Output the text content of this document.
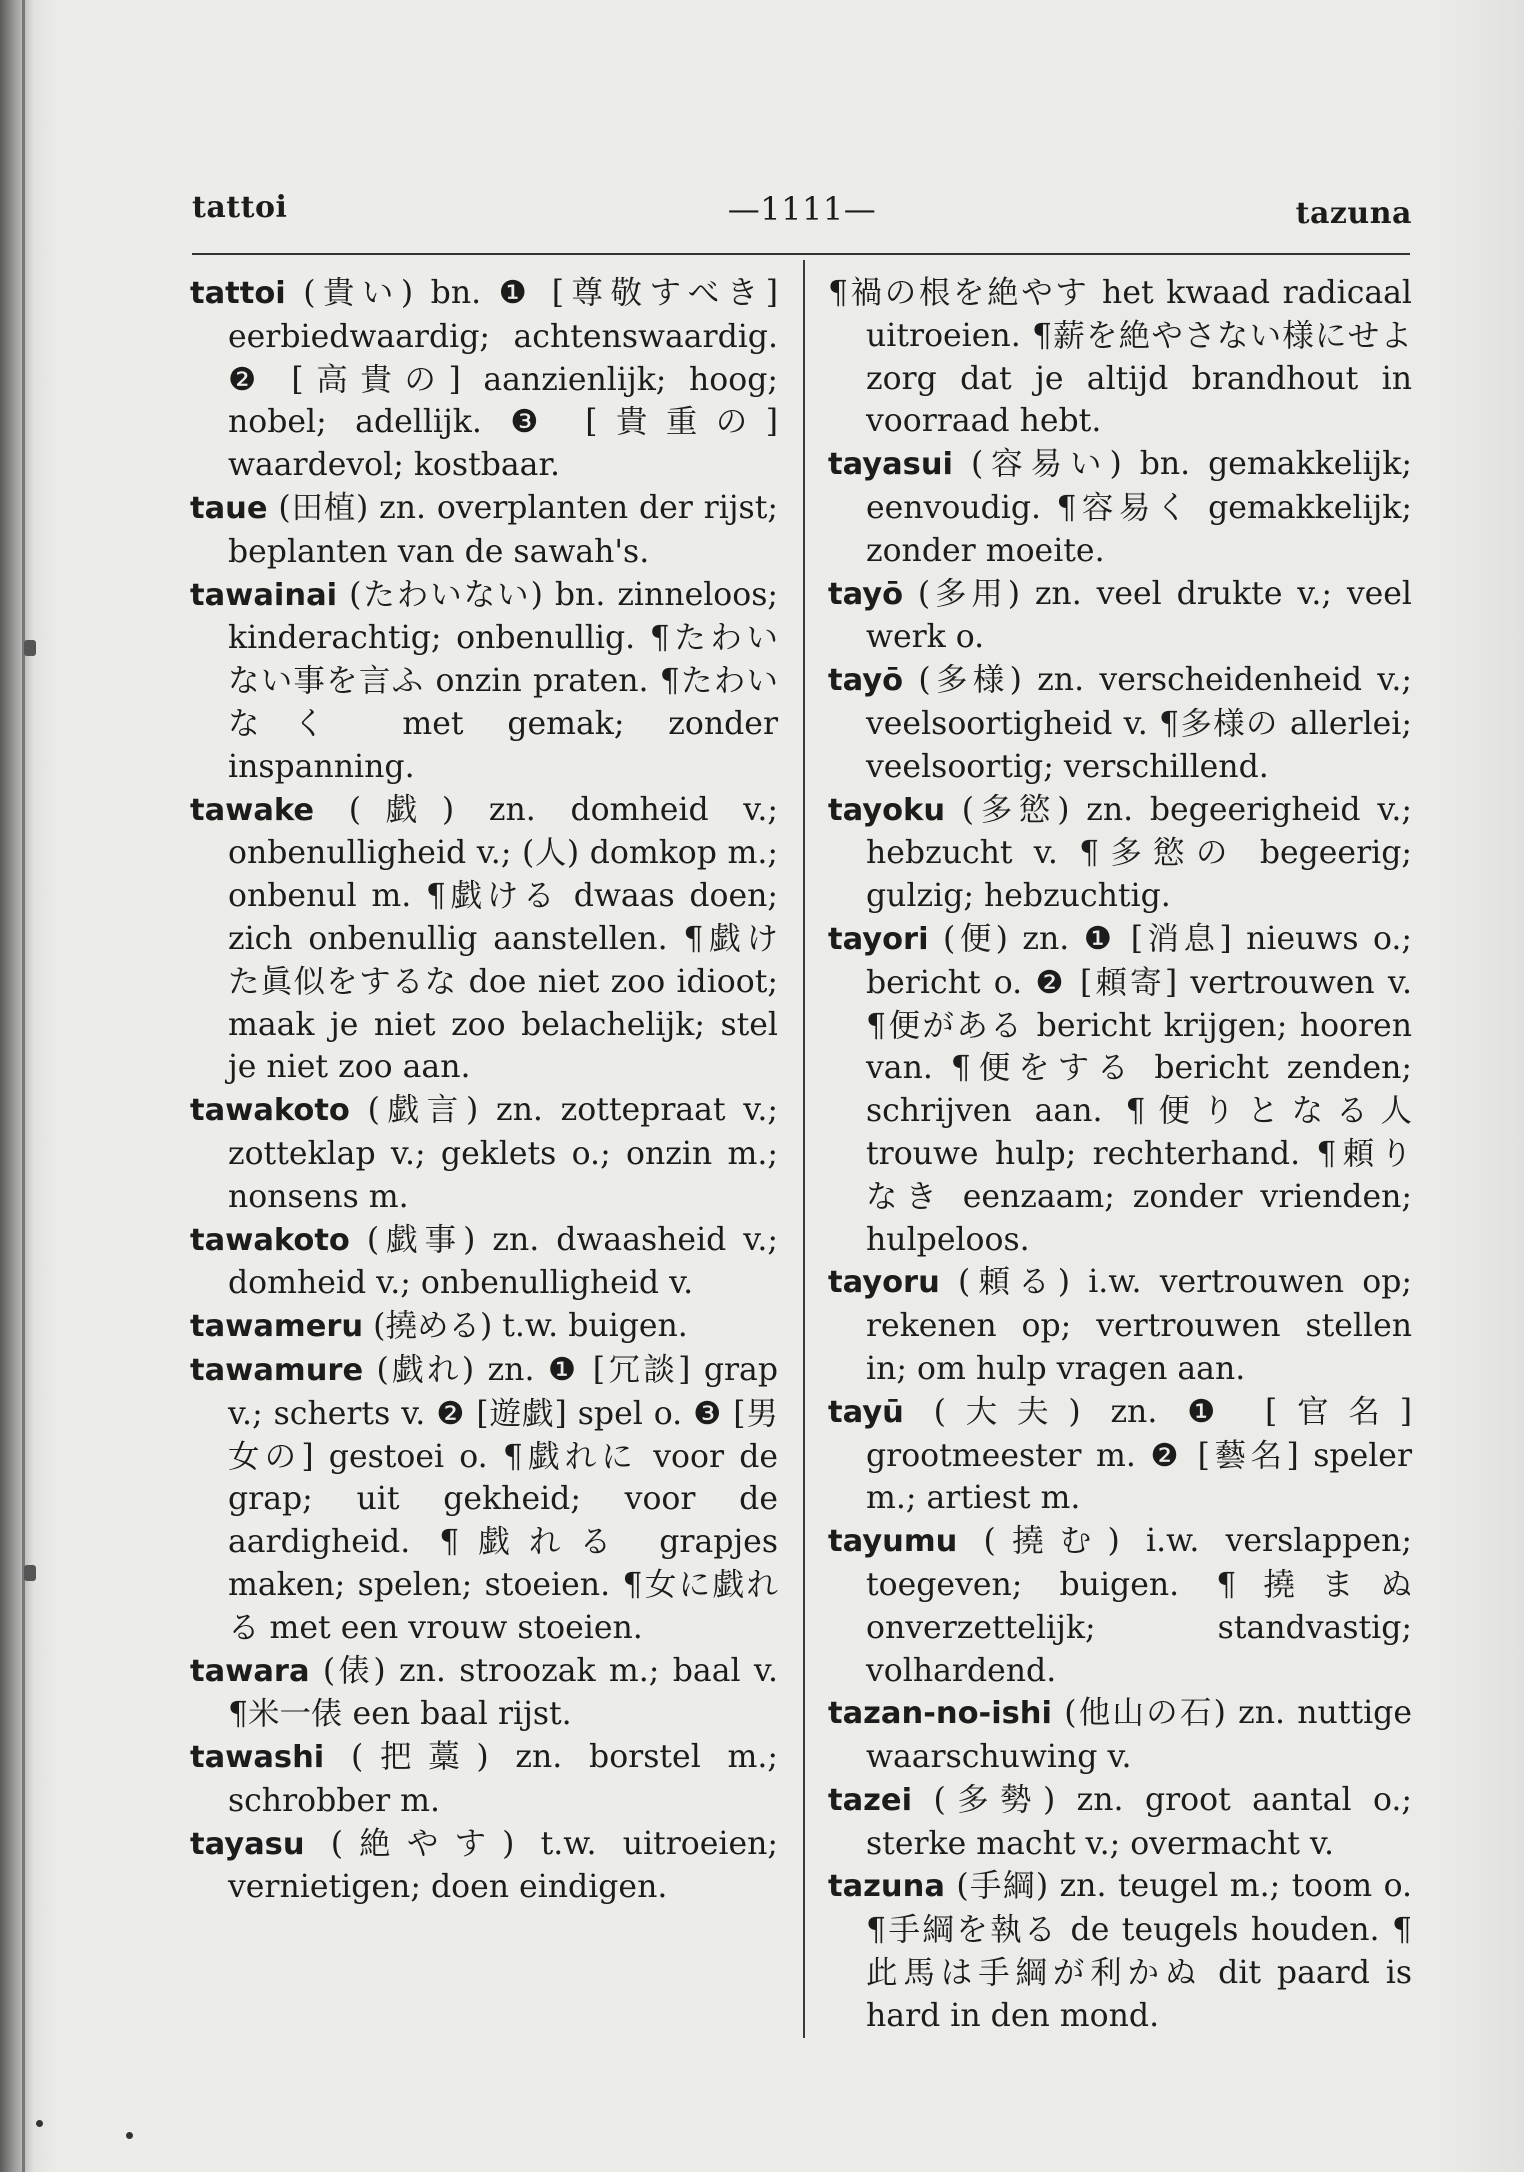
tattoi	—1111—	tazuna

tattoi (貴い) bn. ❶ [尊敬すべき] eerbiedwaardig; achtenswaardig. ❷ [高貴の] aanzienlijk; hoog; nobel; adellijk. ❸ [貴重の] waardevol; kostbaar.

taue (田植) zn. overplanten der rijst; beplanten van de sawah's.

tawainai (たわいない) bn. zinneloos; kinderachtig; onbenullig. ¶たわいない事を言ふ onzin praten. ¶たわいなく met gemak; zonder inspanning.

tawake (戯) zn. domheid v.; onbenulligheid v.; (人) domkop m.; onbenul m. ¶戯ける dwaas doen; zich onbenullig aanstellen. ¶戯けた眞似をするな doe niet zoo idioot; maak je niet zoo belachelijk; stel je niet zoo aan.

tawakoto (戯言) zn. zottepraat v.; zotteklap v.; geklets o.; onzin m.; nonsens m.

tawakoto (戯事) zn. dwaasheid v.; domheid v.; onbenulligheid v.

tawameru (撓める) t.w. buigen.

tawamure (戯れ) zn. ❶ [冗談] grap v.; scherts v. ❷ [遊戯] spel o. ❸ [男女の] gestoei o. ¶戯れに voor de grap; uit gekheid; voor de aardigheid. ¶戯れる grapjes maken; spelen; stoeien. ¶女に戯れる met een vrouw stoeien.

tawara (俵) zn. stroozak m.; baal v. ¶米一俵 een baal rijst.

tawashi (把藁) zn. borstel m.; schrobber m.

tayasu (絶やす) t.w. uitroeien; vernietigen; doen eindigen.

¶禍の根を絶やす het kwaad radicaal uitroeien. ¶薪を絶やさない様にせよ zorg dat je altijd brandhout in voorraad hebt.

tayasui (容易い) bn. gemakkelijk; eenvoudig. ¶容易く gemakkelijk; zonder moeite.

tayō (多用) zn. veel drukte v.; veel werk o.

tayō (多様) zn. verscheidenheid v.; veelsoortigheid v. ¶多様の allerlei; veelsoortig; verschillend.

tayoku (多慾) zn. begeerigheid v.; hebzucht v. ¶多慾の begeerig; gulzig; hebzuchtig.

tayori (便) zn. ❶ [消息] nieuws o.; bericht o. ❷ [頼寄] vertrouwen v. ¶便がある bericht krijgen; hooren van. ¶便をする bericht zenden; schrijven aan. ¶便りとなる人 trouwe hulp; rechterhand. ¶頼りなき eenzaam; zonder vrienden; hulpeloos.

tayoru (頼る) i.w. vertrouwen op; rekenen op; vertrouwen stellen in; om hulp vragen aan.

tayū (大夫) zn. ❶ [官名] grootmeester m. ❷ [藝名] speler m.; artiest m.

tayumu (撓む) i.w. verslappen; toegeven; buigen. ¶撓まぬ onverzettelijk; standvastig; volhardend.

tazan-no-ishi (他山の石) zn. nuttige waarschuwing v.

tazei (多勢) zn. groot aantal o.; sterke macht v.; overmacht v.

tazuna (手綱) zn. teugel m.; toom o. ¶手綱を執る de teugels houden. ¶此馬は手綱が利かぬ dit paard is hard in den mond.
